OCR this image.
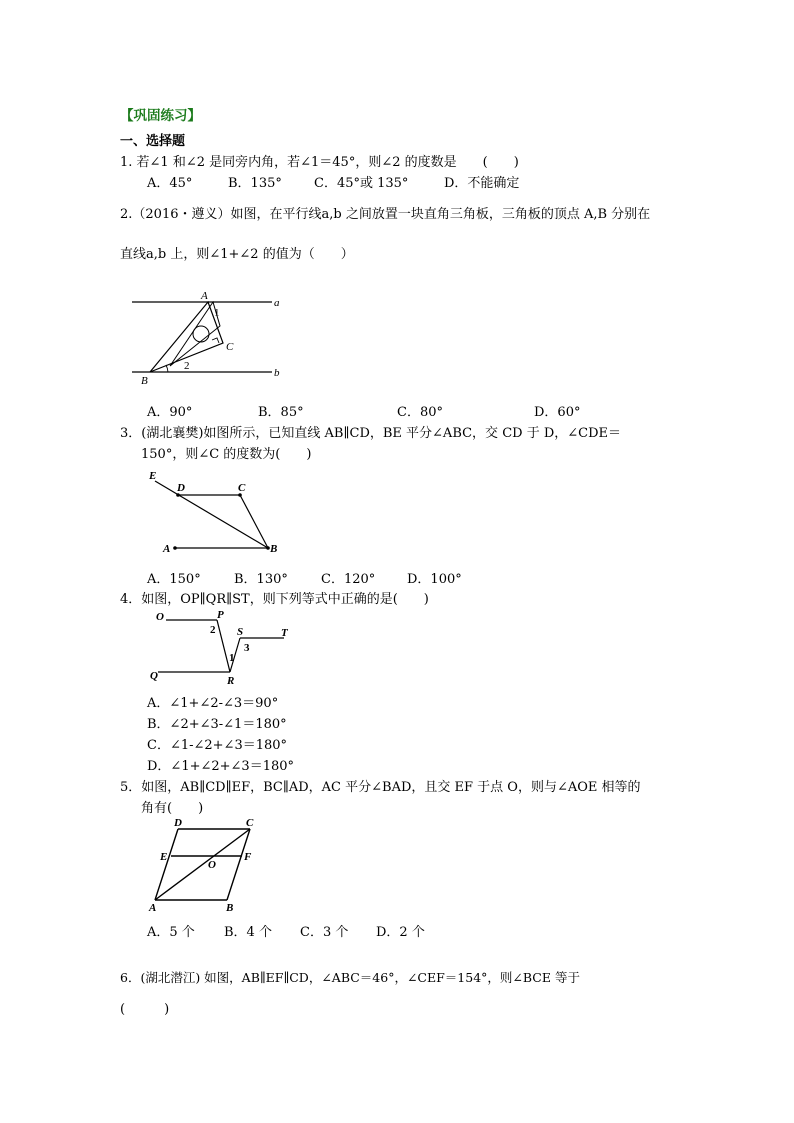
【巩固练习】
一、选择题
1. 若∠1 和∠2 是同旁内角，若∠1＝45°，则∠2 的度数是　　(　　)
A．45°	B．135° C．45°或 135°	D．不能确定
2.（2016・遵义）如图，在平行线a,b 之间放置一块直角三角板，三角板的顶点 A,B 分别在
直线a,b 上，则∠1+∠2 的值为（　　）
A
C
B
a
b
1
2
A．90°	B．85°	C．80°	D．60°
3．(湖北襄樊)如图所示，已知直线 AB∥CD，BE 平分∠ABC，交 CD 于 D，∠CDE＝
150°，则∠C 的度数为(　　)
E
D	C
A	B
A．150°	B．130°	C．120° D．100°
4．如图，OP∥QR∥ST，则下列等式中正确的是(　　)
O	P
S	T
Q	R
2
1
3
A．∠1+∠2-∠3＝90°
B．∠2+∠3-∠1＝180°
C．∠1-∠2+∠3＝180°
D．∠1+∠2+∠3＝180°
5．如图，AB∥CD∥EF，BC∥AD，AC 平分∠BAD，且交 EF 于点 O，则与∠AOE 相等的
角有(　　)
D	C
E	F
O
A	B
A．5 个 B．4 个 C．3 个 D．2 个
6．(湖北潜江) 如图，AB∥EF∥CD，∠ABC＝46°，∠CEF＝154°，则∠BCE 等于
(　　　)
